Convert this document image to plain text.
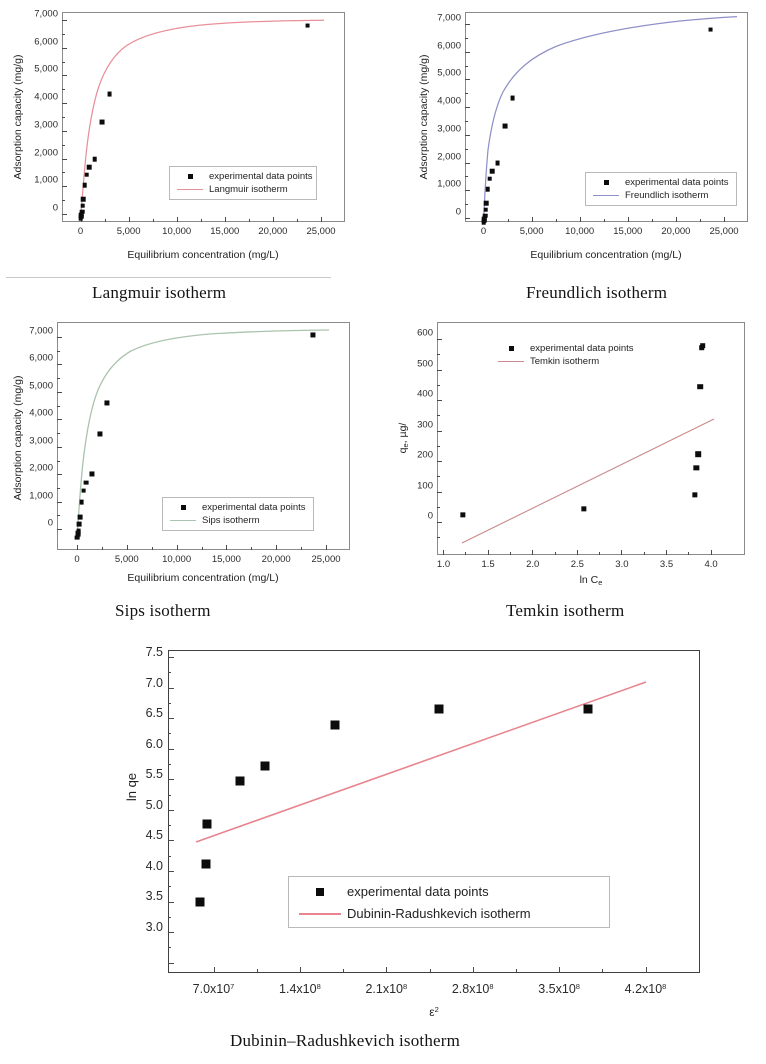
Adsorption capacity (mg/g)
7,000
6,000
5,000
4,000
3,000
2,000
1,000
0
experimental data points
Langmuir isotherm
0	5,000 10,000 15,000 20,000 25,000
Equilibrium concentration (mg/L)
Langmuir isotherm
Adsorption capacity (mg/g)
7,000
6,000
5,000
4,000
3,000
2,000
1,000
0
experimental data points
Freundlich isotherm
0	5,000 10,000 15,000 20,000 25,000
Equilibrium concentration (mg/L)
Freundlich isotherm
Adsorption capacity (mg/g)
7,000
6,000
5,000
4,000
3,000
2,000
1,000
0
experimental data points
Sips isotherm
0	5,000 10,000 15,000 20,000 25,000
Equilibrium concentration (mg/L)
Sips isotherm
$q_e$, µg/
600
500
400
300
200
100
0
experimental data points
Temkin isotherm
1.0	1.5	2.0	2.5	3.0	3.5	4.0
$\ln C_e$
Temkin isotherm
ln qe
7.5
7.0
6.5
6.0
5.5
5.0
4.5
4.0
3.5
3.0
experimental data points
Dubinin-Radushkevich isotherm
$7.0x10^7$	$1.4x10^8$	$2.1x10^8$	$2.8x10^8$	$3.5x10^8$	$4.2x10^8$
$\varepsilon^2$
Dubinin–Radushkevich isotherm
